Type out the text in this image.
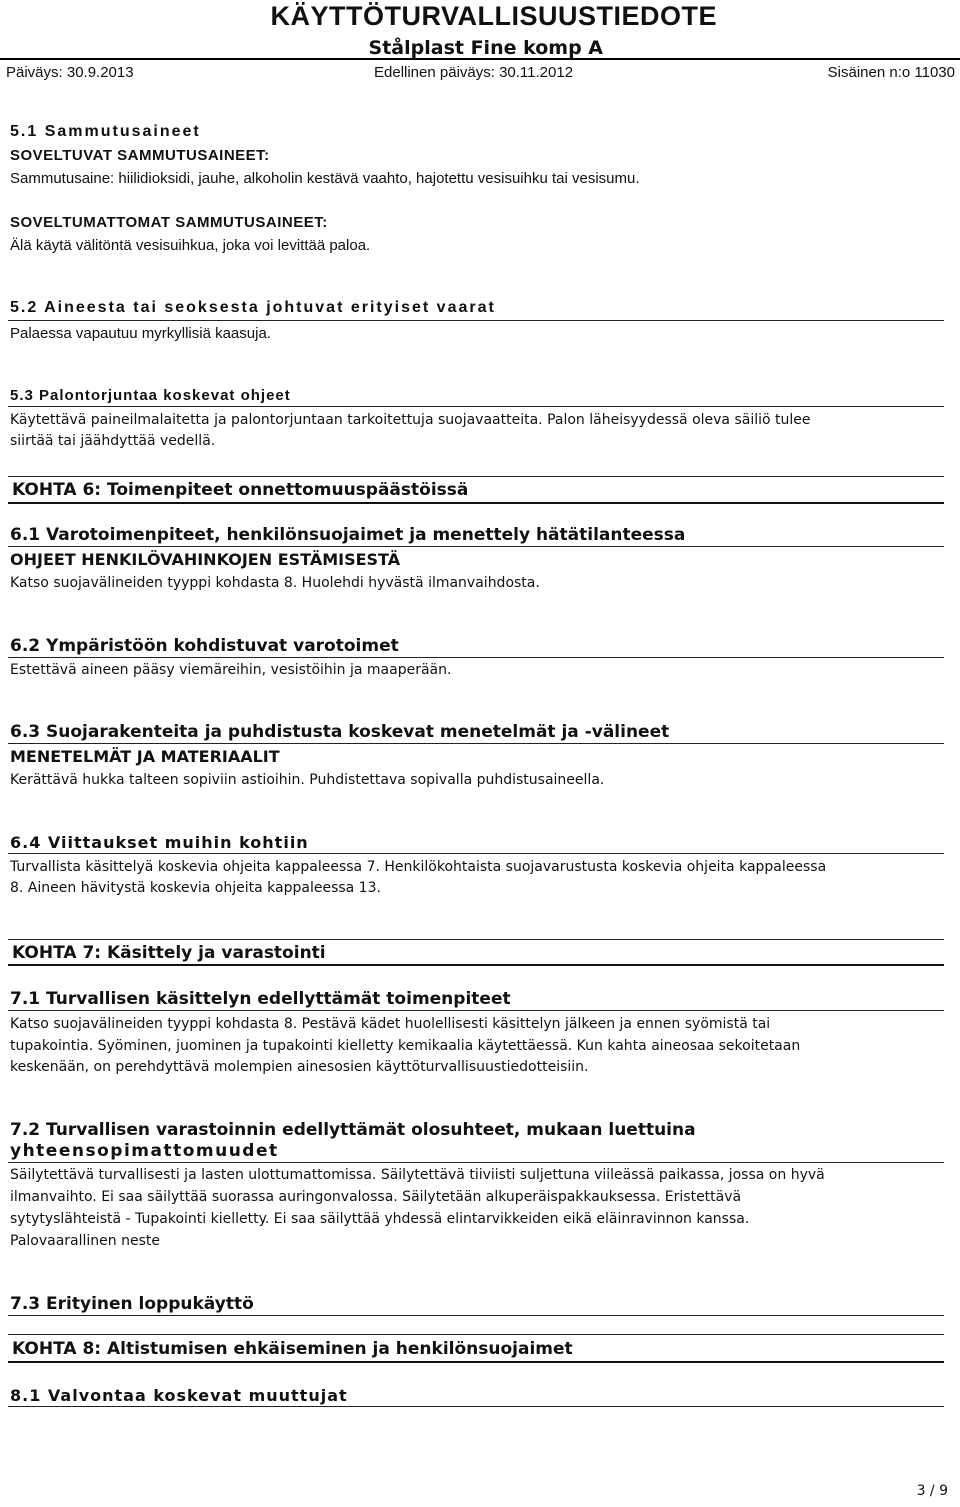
KÄYTTÖTURVALLISUUSTIEDOTE
Stålplast Fine komp A
Päiväys: 30.9.2013	Edellinen päiväys: 30.11.2012	Sisäinen n:o 11030
5.1 Sammutusaineet
SOVELTUVAT SAMMUTUSAINEET:
Sammutusaine: hiilidioksidi, jauhe, alkoholin kestävä vaahto, hajotettu vesisuihku tai vesisumu.
SOVELTUMATTOMAT SAMMUTUSAINEET:
Älä käytä välitöntä vesisuihkua, joka voi levittää paloa.
5.2 Aineesta tai seoksesta johtuvat erityiset vaarat
Palaessa vapautuu myrkyllisiä kaasuja.
5.3 Palontorjuntaa koskevat ohjeet
Käytettävä paineilmalaitetta ja palontorjuntaan tarkoitettuja suojavaatteita. Palon läheisyydessä oleva säiliö tulee
siirtää tai jäähdyttää vedellä.
KOHTA 6: Toimenpiteet onnettomuuspäästöissä
6.1 Varotoimenpiteet, henkilönsuojaimet ja menettely hätätilanteessa
OHJEET HENKILÖVAHINKOJEN ESTÄMISESTÄ
Katso suojavälineiden tyyppi kohdasta 8. Huolehdi hyvästä ilmanvaihdosta.
6.2 Ympäristöön kohdistuvat varotoimet
Estettävä aineen pääsy viemäreihin, vesistöihin ja maaperään.
6.3 Suojarakenteita ja puhdistusta koskevat menetelmät ja -välineet
MENETELMÄT JA MATERIAALIT
Kerättävä hukka talteen sopiviin astioihin. Puhdistettava sopivalla puhdistusaineella.
6.4 Viittaukset muihin kohtiin
Turvallista käsittelyä koskevia ohjeita kappaleessa 7. Henkilökohtaista suojavarustusta koskevia ohjeita kappaleessa
8. Aineen hävitystä koskevia ohjeita kappaleessa 13.
KOHTA 7: Käsittely ja varastointi
7.1 Turvallisen käsittelyn edellyttämät toimenpiteet
Katso suojavälineiden tyyppi kohdasta 8. Pestävä kädet huolellisesti käsittelyn jälkeen ja ennen syömistä tai
tupakointia. Syöminen, juominen ja tupakointi kielletty kemikaalia käytettäessä. Kun kahta aineosaa sekoitetaan
keskenään, on perehdyttävä molempien ainesosien käyttöturvallisuustiedotteisiin.
7.2 Turvallisen varastoinnin edellyttämät olosuhteet, mukaan luettuina
yhteensopimattomuudet
Säilytettävä turvallisesti ja lasten ulottumattomissa. Säilytettävä tiiviisti suljettuna viileässä paikassa, jossa on hyvä
ilmanvaihto. Ei saa säilyttää suorassa auringonvalossa. Säilytetään alkuperäispakkauksessa. Eristettävä
sytytyslähteistä - Tupakointi kielletty. Ei saa säilyttää yhdessä elintarvikkeiden eikä eläinravinnon kanssa.
Palovaarallinen neste
7.3 Erityinen loppukäyttö
KOHTA 8: Altistumisen ehkäiseminen ja henkilönsuojaimet
8.1 Valvontaa koskevat muuttujat
3 / 9
